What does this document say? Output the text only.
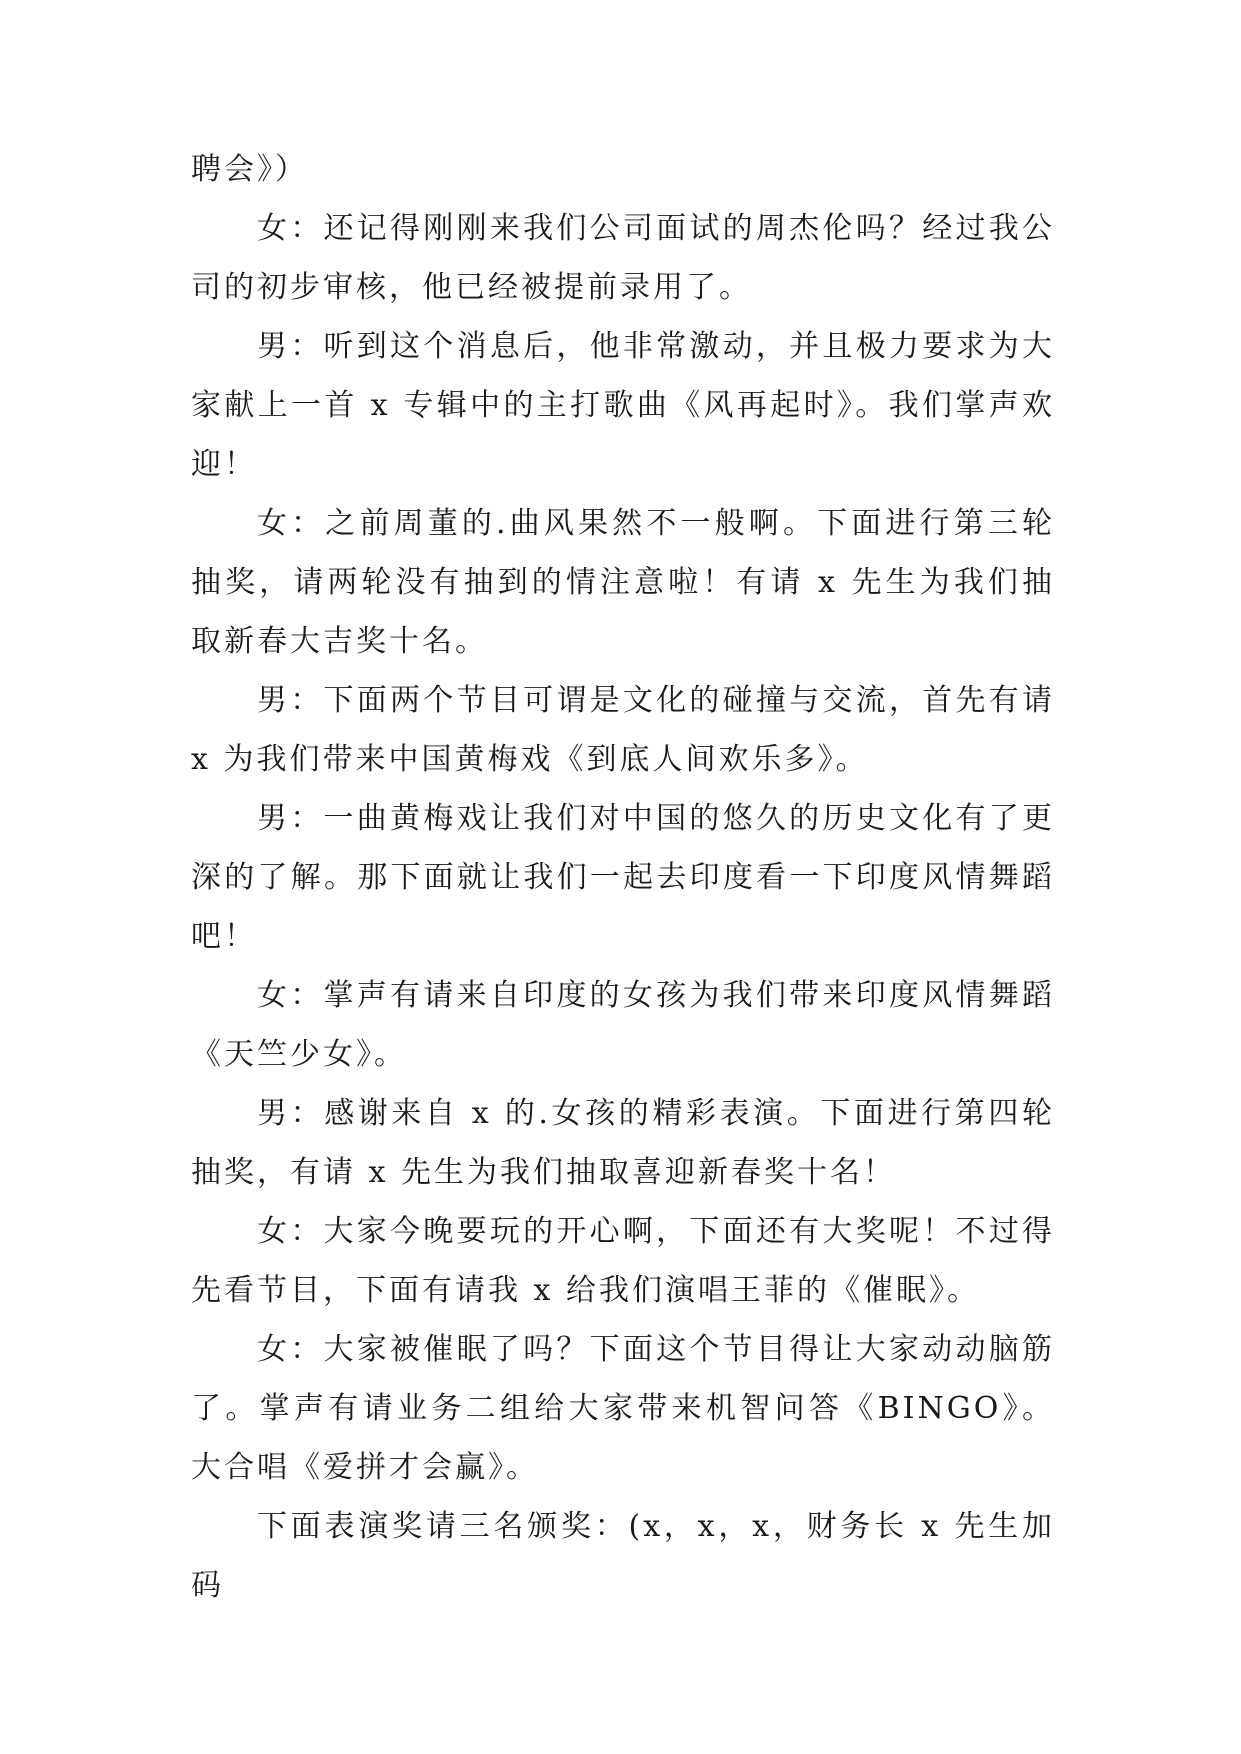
聘会》）

女：还记得刚刚来我们公司面试的周杰伦吗？经过我公司的初步审核，他已经被提前录用了。

男：听到这个消息后，他非常激动，并且极力要求为大家献上一首 x 专辑中的主打歌曲《风再起时》。我们掌声欢迎！

女：之前周董的.曲风果然不一般啊。下面进行第三轮抽奖，请两轮没有抽到的情注意啦！有请 x 先生为我们抽取新春大吉奖十名。

男：下面两个节目可谓是文化的碰撞与交流，首先有请 x 为我们带来中国黄梅戏《到底人间欢乐多》。

男：一曲黄梅戏让我们对中国的悠久的历史文化有了更深的了解。那下面就让我们一起去印度看一下印度风情舞蹈吧！

女：掌声有请来自印度的女孩为我们带来印度风情舞蹈《天竺少女》。

男：感谢来自 x 的.女孩的精彩表演。下面进行第四轮抽奖，有请 x 先生为我们抽取喜迎新春奖十名！

女：大家今晚要玩的开心啊，下面还有大奖呢！不过得先看节目，下面有请我 x 给我们演唱王菲的《催眠》。

女：大家被催眠了吗？下面这个节目得让大家动动脑筋了。掌声有请业务二组给大家带来机智问答《BINGO》。大合唱《爱拼才会赢》。

下面表演奖请三名颁奖：(x，x，x，财务长 x 先生加码
